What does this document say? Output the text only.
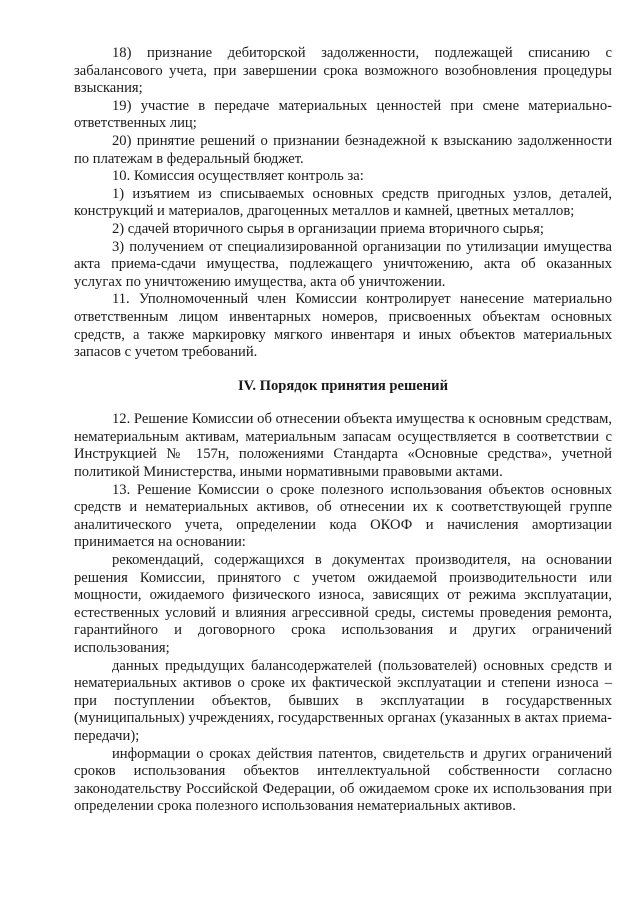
18) признание дебиторской задолженности, подлежащей списанию с забалансового учета, при завершении срока возможного возобновления процедуры взыскания;

19) участие в передаче материальных ценностей при смене материально-ответственных лиц;

20) принятие решений о признании безнадежной к взысканию задолженности по платежам в федеральный бюджет.

10. Комиссия осуществляет контроль за:

1) изъятием из списываемых основных средств пригодных узлов, деталей, конструкций и материалов, драгоценных металлов и камней, цветных металлов;

2) сдачей вторичного сырья в организации приема вторичного сырья;

3) получением от специализированной организации по утилизации имущества акта приема-сдачи имущества, подлежащего уничтожению, акта об оказанных услугах по уничтожению имущества, акта об уничтожении.

11. Уполномоченный член Комиссии контролирует нанесение материально ответственным лицом инвентарных номеров, присвоенных объектам основных средств, а также маркировку мягкого инвентаря и иных объектов материальных запасов с учетом требований.

IV. Порядок принятия решений

12. Решение Комиссии об отнесении объекта имущества к основным средствам, нематериальным активам, материальным запасам осуществляется в соответствии с Инструкцией № 157н, положениями Стандарта «Основные средства», учетной политикой Министерства, иными нормативными правовыми актами.

13. Решение Комиссии о сроке полезного использования объектов основных средств и нематериальных активов, об отнесении их к соответствующей группе аналитического учета, определении кода ОКОФ и начисления амортизации принимается на основании:

рекомендаций, содержащихся в документах производителя, на основании решения Комиссии, принятого с учетом ожидаемой производительности или мощности, ожидаемого физического износа, зависящих от режима эксплуатации, естественных условий и влияния агрессивной среды, системы проведения ремонта, гарантийного и договорного срока использования и других ограничений использования;

данных предыдущих балансодержателей (пользователей) основных средств и нематериальных активов о сроке их фактической эксплуатации и степени износа – при поступлении объектов, бывших в эксплуатации в государственных (муниципальных) учреждениях, государственных органах (указанных в актах приема-передачи);

информации о сроках действия патентов, свидетельств и других ограничений сроков использования объектов интеллектуальной собственности согласно законодательству Российской Федерации, об ожидаемом сроке их использования при определении срока полезного использования нематериальных активов.
